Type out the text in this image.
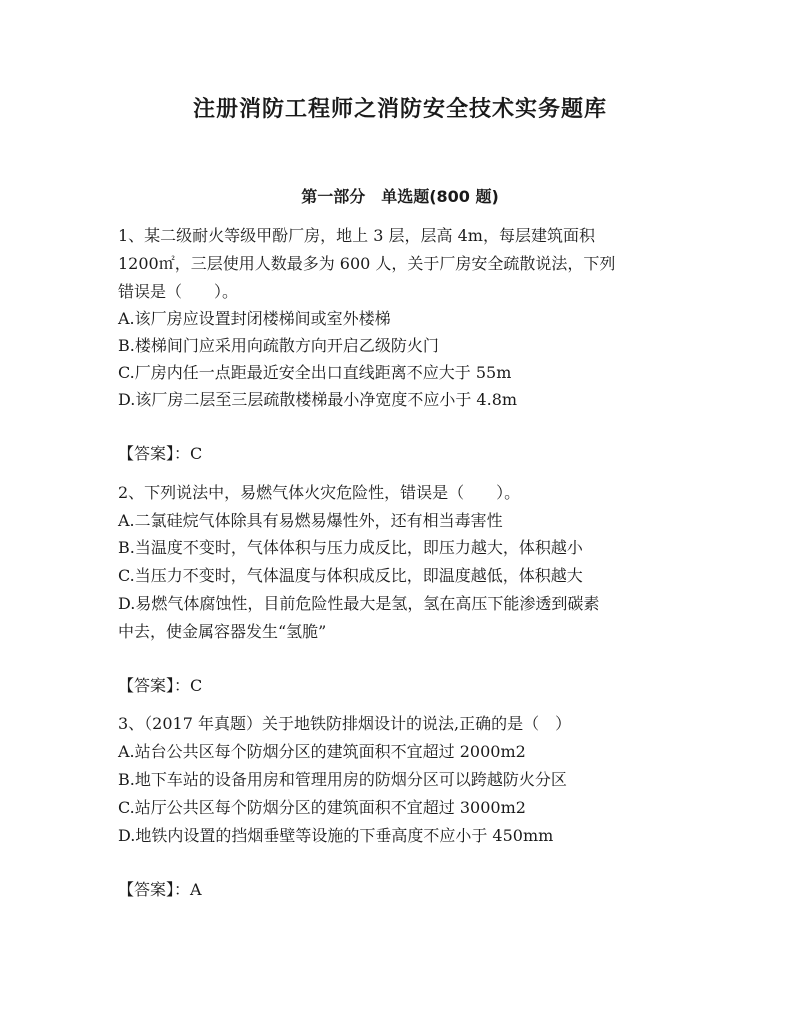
注册消防工程师之消防安全技术实务题库
第一部分　单选题(800 题)
1、某二级耐火等级甲酚厂房，地上 3 层，层高 4m，每层建筑面积
1200㎡，三层使用人数最多为 600 人，关于厂房安全疏散说法，下列
错误是（　　）。
A.该厂房应设置封闭楼梯间或室外楼梯
B.楼梯间门应采用向疏散方向开启乙级防火门
C.厂房内任一点距最近安全出口直线距离不应大于 55m
D.该厂房二层至三层疏散楼梯最小净宽度不应小于 4.8m
【答案】：C
2、下列说法中，易燃气体火灾危险性，错误是（　　）。
A.二氯硅烷气体除具有易燃易爆性外，还有相当毒害性
B.当温度不变时，气体体积与压力成反比，即压力越大，体积越小
C.当压力不变时，气体温度与体积成反比，即温度越低，体积越大
D.易燃气体腐蚀性，目前危险性最大是氢，氢在高压下能渗透到碳素
中去，使金属容器发生“氢脆”
【答案】：C
3、（2017 年真题）关于地铁防排烟设计的说法,正确的是（　）
A.站台公共区每个防烟分区的建筑面积不宜超过 2000m2
B.地下车站的设备用房和管理用房的防烟分区可以跨越防火分区
C.站厅公共区每个防烟分区的建筑面积不宜超过 3000m2
D.地铁内设置的挡烟垂壁等设施的下垂高度不应小于 450mm
【答案】：A
